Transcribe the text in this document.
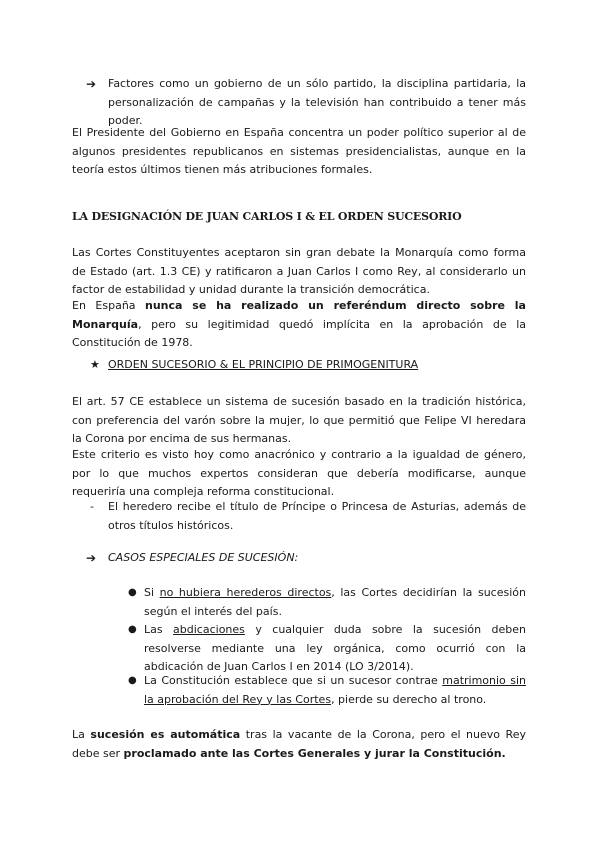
➔ Factores como un gobierno de un sólo partido, la disciplina partidaria, la personalización de campañas y la televisión han contribuido a tener más poder.

El Presidente del Gobierno en España concentra un poder político superior al de algunos presidentes republicanos en sistemas presidencialistas, aunque en la teoría estos últimos tienen más atribuciones formales.

LA DESIGNACIÓN DE JUAN CARLOS I & EL ORDEN SUCESORIO

Las Cortes Constituyentes aceptaron sin gran debate la Monarquía como forma de Estado (art. 1.3 CE) y ratificaron a Juan Carlos I como Rey, al considerarlo un factor de estabilidad y unidad durante la transición democrática.

En España nunca se ha realizado un referéndum directo sobre la Monarquía, pero su legitimidad quedó implícita en la aprobación de la Constitución de 1978.

★ ORDEN SUCESORIO & EL PRINCIPIO DE PRIMOGENITURA

El art. 57 CE establece un sistema de sucesión basado en la tradición histórica, con preferencia del varón sobre la mujer, lo que permitió que Felipe VI heredara la Corona por encima de sus hermanas.

Este criterio es visto hoy como anacrónico y contrario a la igualdad de género, por lo que muchos expertos consideran que debería modificarse, aunque requeriría una compleja reforma constitucional.

- El heredero recibe el título de Príncipe o Princesa de Asturias, además de otros títulos históricos.

➔ CASOS ESPECIALES DE SUCESIÓN:

● Si no hubiera herederos directos, las Cortes decidirían la sucesión según el interés del país.

● Las abdicaciones y cualquier duda sobre la sucesión deben resolverse mediante una ley orgánica, como ocurrió con la abdicación de Juan Carlos I en 2014 (LO 3/2014).

● La Constitución establece que si un sucesor contrae matrimonio sin la aprobación del Rey y las Cortes, pierde su derecho al trono.

La sucesión es automática tras la vacante de la Corona, pero el nuevo Rey debe ser proclamado ante las Cortes Generales y jurar la Constitución.
